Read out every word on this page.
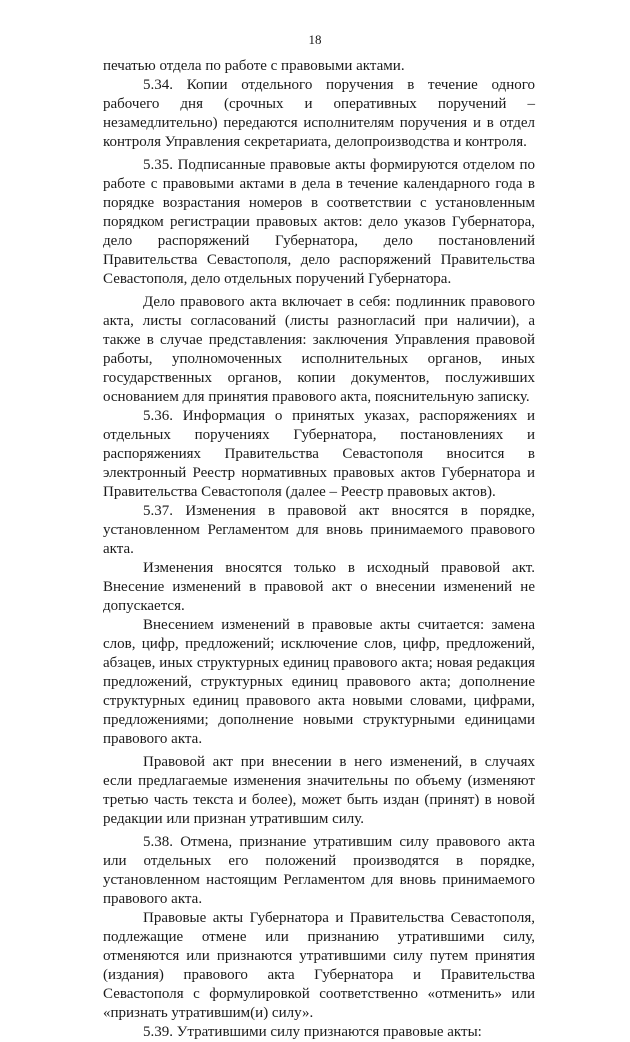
18

печатью отдела по работе с правовыми актами.

5.34. Копии отдельного поручения в течение одного рабочего дня (срочных и оперативных поручений – незамедлительно) передаются исполнителям поручения и в отдел контроля Управления секретариата, делопроизводства и контроля.

5.35. Подписанные правовые акты формируются отделом по работе с правовыми актами в дела в течение календарного года в порядке возрастания номеров в соответствии с установленным порядком регистрации правовых актов: дело указов Губернатора, дело распоряжений Губернатора, дело постановлений Правительства Севастополя, дело распоряжений Правительства Севастополя, дело отдельных поручений Губернатора.

Дело правового акта включает в себя: подлинник правового акта, листы согласований (листы разногласий при наличии), а также в случае представления: заключения Управления правовой работы, уполномоченных исполнительных органов, иных государственных органов, копии документов, послуживших основанием для принятия правового акта, пояснительную записку.

5.36. Информация о принятых указах, распоряжениях и отдельных поручениях Губернатора, постановлениях и распоряжениях Правительства Севастополя вносится в электронный Реестр нормативных правовых актов Губернатора и Правительства Севастополя (далее – Реестр правовых актов).

5.37. Изменения в правовой акт вносятся в порядке, установленном Регламентом для вновь принимаемого правового акта.

Изменения вносятся только в исходный правовой акт. Внесение изменений в правовой акт о внесении изменений не допускается.

Внесением изменений в правовые акты считается: замена слов, цифр, предложений; исключение слов, цифр, предложений, абзацев, иных структурных единиц правового акта; новая редакция предложений, структурных единиц правового акта; дополнение структурных единиц правового акта новыми словами, цифрами, предложениями; дополнение новыми структурными единицами правового акта.

Правовой акт при внесении в него изменений, в случаях если предлагаемые изменения значительны по объему (изменяют третью часть текста и более), может быть издан (принят) в новой редакции или признан утратившим силу.

5.38. Отмена, признание утратившим силу правового акта или отдельных его положений производятся в порядке, установленном настоящим Регламентом для вновь принимаемого правового акта.

Правовые акты Губернатора и Правительства Севастополя, подлежащие отмене или признанию утратившими силу, отменяются или признаются утратившими силу путем принятия (издания) правового акта Губернатора и Правительства Севастополя с формулировкой соответственно «отменить» или «признать утратившим(и) силу».

5.39. Утратившими силу признаются правовые акты:
